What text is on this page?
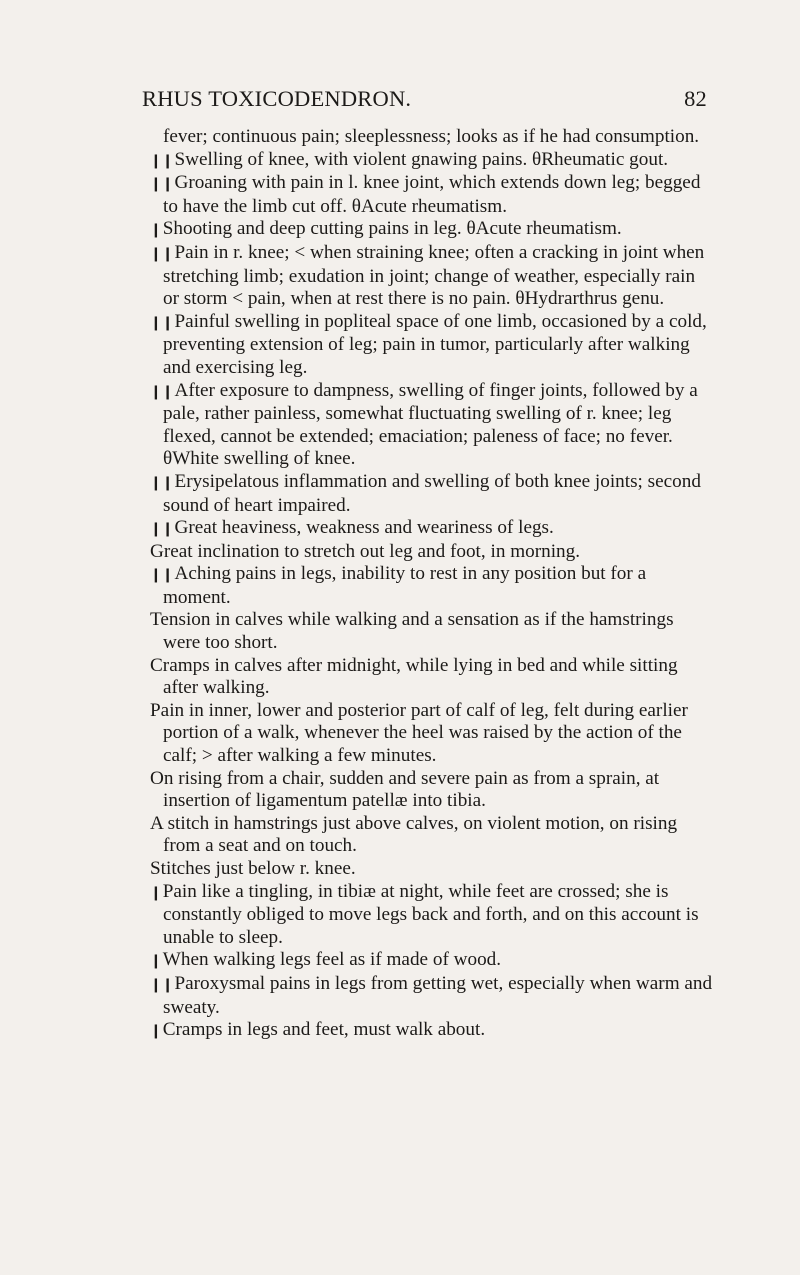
RHUS TOXICODENDRON.	82

fever; continuous pain; sleeplessness; looks as if he had consumption.

❙❙Swelling of knee, with violent gnawing pains. θRheumatic gout.

❙❙Groaning with pain in l. knee joint, which extends down leg; begged to have the limb cut off. θAcute rheumatism.

❙Shooting and deep cutting pains in leg. θAcute rheumatism.

❙❙Pain in r. knee; < when straining knee; often a cracking in joint when stretching limb; exudation in joint; change of weather, especially rain or storm < pain, when at rest there is no pain. θHydrarthrus genu.

❙❙Painful swelling in popliteal space of one limb, occasioned by a cold, preventing extension of leg; pain in tumor, particularly after walking and exercising leg.

❙❙After exposure to dampness, swelling of finger joints, followed by a pale, rather painless, somewhat fluctuating swelling of r. knee; leg flexed, cannot be extended; emaciation; paleness of face; no fever. θWhite swelling of knee.

❙❙Erysipelatous inflammation and swelling of both knee joints; second sound of heart impaired.

❙❙Great heaviness, weakness and weariness of legs.

Great inclination to stretch out leg and foot, in morning.

❙❙Aching pains in legs, inability to rest in any position but for a moment.

Tension in calves while walking and a sensation as if the hamstrings were too short.

Cramps in calves after midnight, while lying in bed and while sitting after walking.

Pain in inner, lower and posterior part of calf of leg, felt during earlier portion of a walk, whenever the heel was raised by the action of the calf; > after walking a few minutes.

On rising from a chair, sudden and severe pain as from a sprain, at insertion of ligamentum patellæ into tibia.

A stitch in hamstrings just above calves, on violent motion, on rising from a seat and on touch.

Stitches just below r. knee.

❙Pain like a tingling, in tibiæ at night, while feet are crossed; she is constantly obliged to move legs back and forth, and on this account is unable to sleep.

❙When walking legs feel as if made of wood.

❙❙Paroxysmal pains in legs from getting wet, especially when warm and sweaty.

❙Cramps in legs and feet, must walk about.
